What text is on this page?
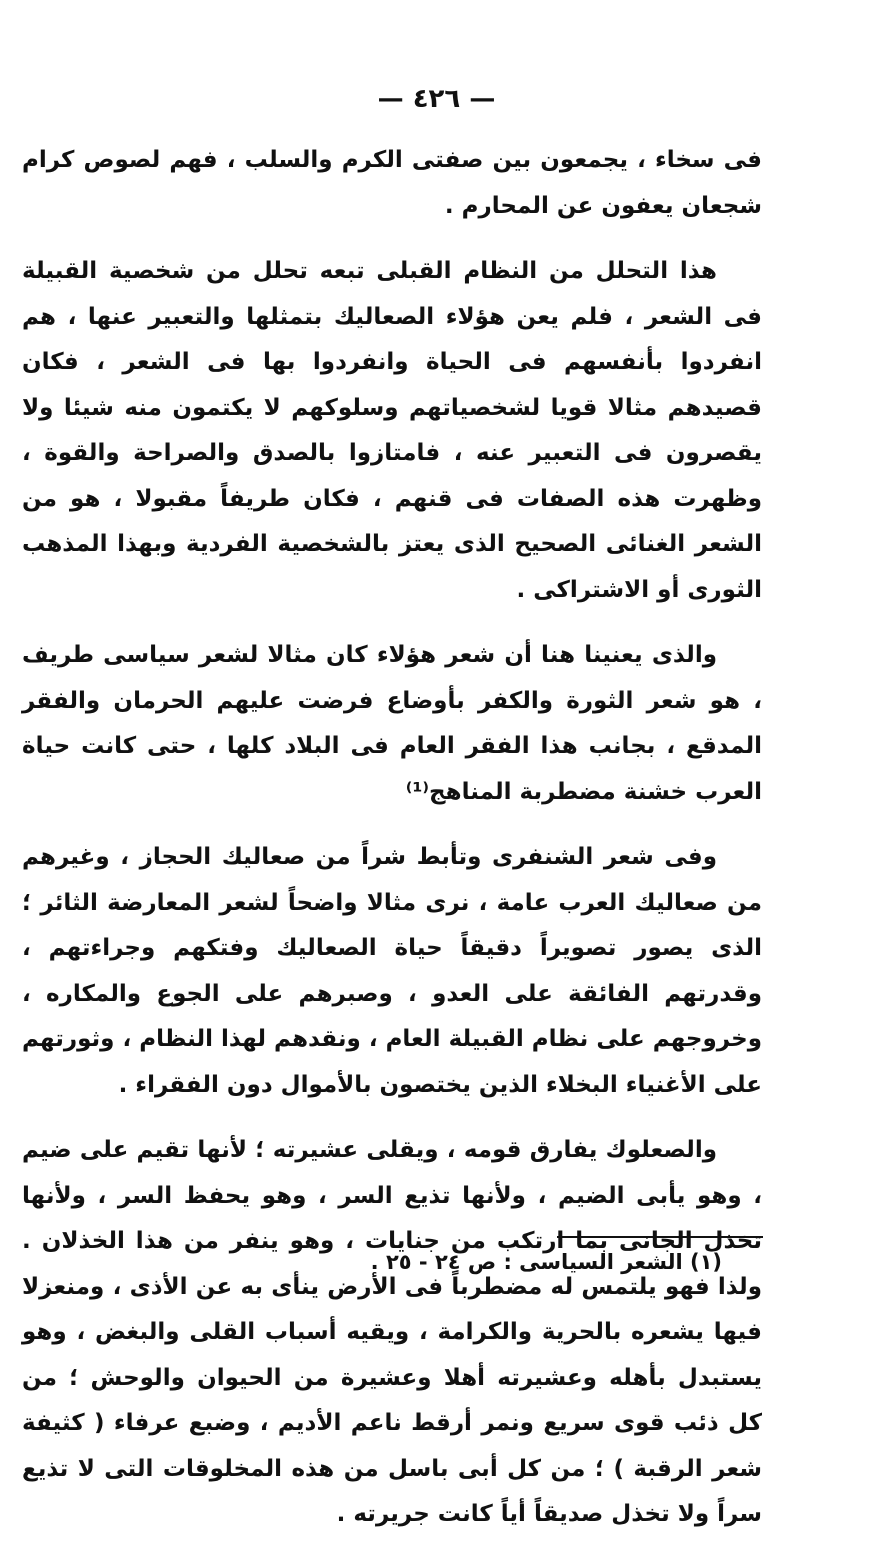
— ٤٢٦ —

فى سخاء ، يجمعون بين صفتى الكرم والسلب ، فهم لصوص كرام شجعان يعفون عن المحارم .

هذا التحلل من النظام القبلى تبعه تحلل من شخصية القبيلة فى الشعر ، فلم يعن هؤلاء الصعاليك بتمثلها والتعبير عنها ، هم انفردوا بأنفسهم فى الحياة وانفردوا بها فى الشعر ، فكان قصيدهم مثالا قويا لشخصياتهم وسلوكهم لا يكتمون منه شيئا ولا يقصرون فى التعبير عنه ، فامتازوا بالصدق والصراحة والقوة ، وظهرت هذه الصفات فى قنهم ، فكان طريفاً مقبولا ، هو من الشعر الغنائى الصحيح الذى يعتز بالشخصية الفردية وبهذا المذهب الثورى أو الاشتراكى .

والذى يعنينا هنا أن شعر هؤلاء كان مثالا لشعر سياسى طريف ، هو شعر الثورة والكفر بأوضاع فرضت عليهم الحرمان والفقر المدقع ، بجانب هذا الفقر العام فى البلاد كلها ، حتى كانت حياة العرب خشنة مضطربة المناهج⁽¹⁾

وفى شعر الشنفرى وتأبط شراً من صعاليك الحجاز ، وغيرهم من صعاليك العرب عامة ، نرى مثالا واضحاً لشعر المعارضة الثائر ؛ الذى يصور تصويراً دقيقاً حياة الصعاليك وفتكهم وجراءتهم ، وقدرتهم الفائقة على العدو ، وصبرهم على الجوع والمكاره ، وخروجهم على نظام القبيلة العام ، ونقدهم لهذا النظام ، وثورتهم على الأغنياء البخلاء الذين يختصون بالأموال دون الفقراء .

والصعلوك يفارق قومه ، ويقلى عشيرته ؛ لأنها تقيم على ضيم ، وهو يأبى الضيم ، ولأنها تذيع السر ، وهو يحفظ السر ، ولأنها تخذل الجانى بما ارتكب من جنايات ، وهو ينفر من هذا الخذلان . ولذا فهو يلتمس له مضطرباً فى الأرض ينأى به عن الأذى ، ومنعزلا فيها يشعره بالحرية والكرامة ، ويقيه أسباب القلى والبغض ، وهو يستبدل بأهله وعشيرته أهلا وعشيرة من الحيوان والوحش ؛ من كل ذئب قوى سريع ونمر أرقط ناعم الأديم ، وضبع عرفاء ( كثيفة شعر الرقبة ) ؛ من كل أبى باسل من هذه المخلوقات التى لا تذيع سراً ولا تخذل صديقاً أياً كانت جريرته .

(١) الشعر السياسى : ص ٢٤ - ٢٥ .
